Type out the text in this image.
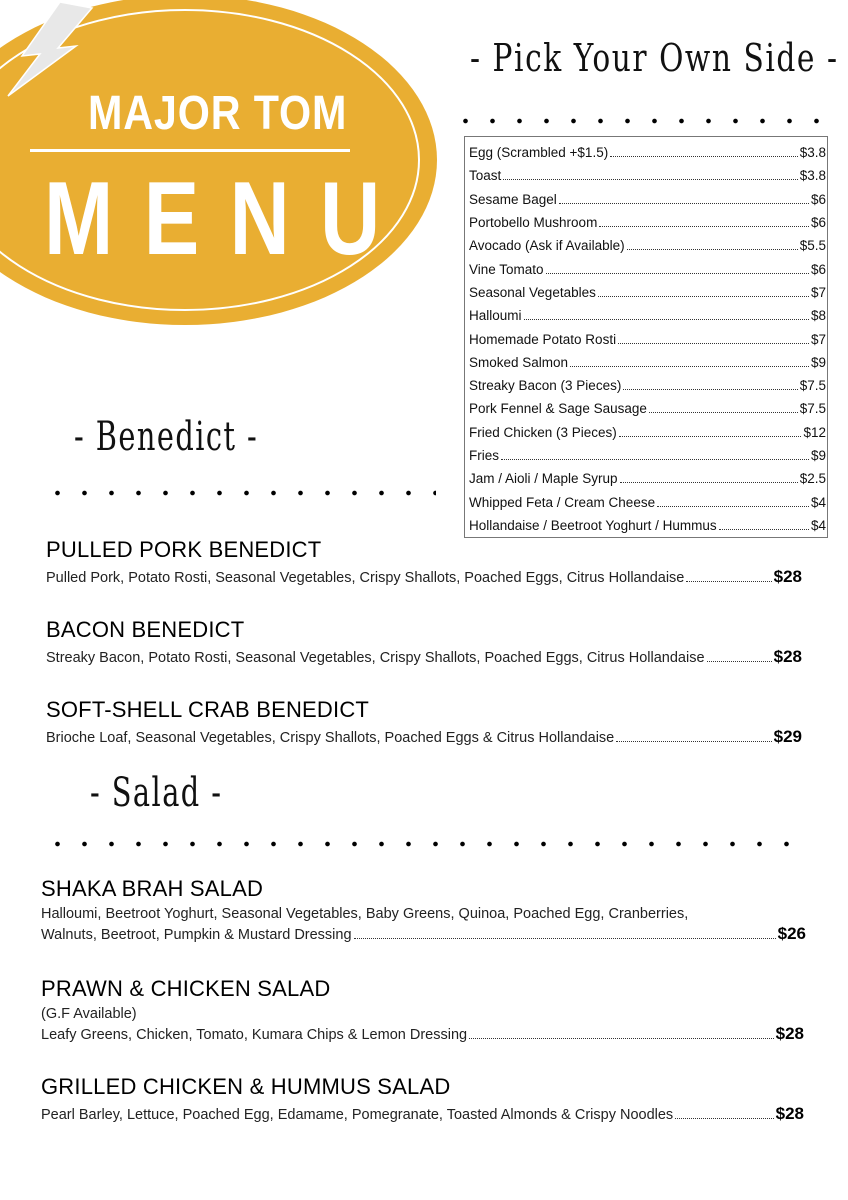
MAJOR TOM
MENU
- Pick Your Own Side -
Egg (Scrambled +$1.5)	$3.8
Toast	$3.8
Sesame Bagel	$6
Portobello Mushroom	$6
Avocado (Ask if Available)	$5.5
Vine Tomato	$6
Seasonal Vegetables	$7
Halloumi	$8
Homemade Potato Rosti	$7
Smoked Salmon	$9
Streaky Bacon (3 Pieces)	$7.5
Pork Fennel & Sage Sausage	$7.5
Fried Chicken (3 Pieces)	$12
Fries	$9
Jam / Aioli / Maple Syrup	$2.5
Whipped Feta / Cream Cheese	$4
Hollandaise / Beetroot Yoghurt / Hummus	$4
- Benedict -
PULLED PORK BENEDICT
Pulled Pork, Potato Rosti, Seasonal Vegetables, Crispy Shallots, Poached Eggs, Citrus Hollandaise	$28
BACON BENEDICT
Streaky Bacon, Potato Rosti, Seasonal Vegetables, Crispy Shallots, Poached Eggs, Citrus Hollandaise	$28
SOFT-SHELL CRAB BENEDICT
Brioche Loaf, Seasonal Vegetables, Crispy Shallots, Poached Eggs & Citrus Hollandaise	$29
- Salad -
SHAKA BRAH SALAD
Halloumi, Beetroot Yoghurt, Seasonal Vegetables, Baby Greens, Quinoa, Poached Egg, Cranberries,
Walnuts, Beetroot, Pumpkin & Mustard Dressing	$26
PRAWN & CHICKEN SALAD
(G.F Available)
Leafy Greens, Chicken, Tomato, Kumara Chips & Lemon Dressing	$28
GRILLED CHICKEN & HUMMUS SALAD
Pearl Barley, Lettuce, Poached Egg, Edamame, Pomegranate, Toasted Almonds & Crispy Noodles	$28
